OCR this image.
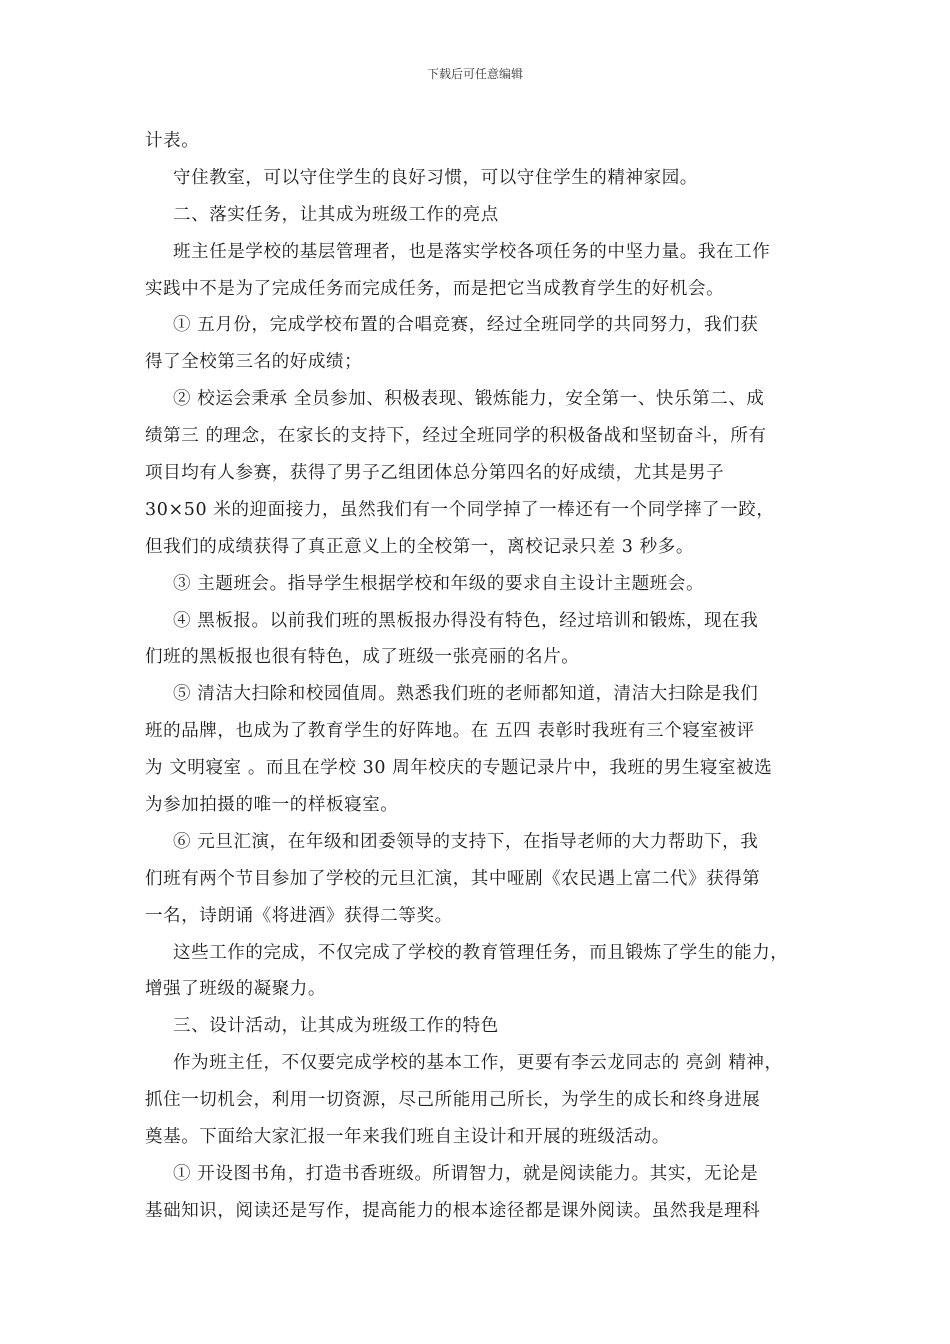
下载后可任意编辑
计表。
守住教室，可以守住学生的良好习惯，可以守住学生的精神家园。
二、落实任务，让其成为班级工作的亮点
班主任是学校的基层管理者，也是落实学校各项任务的中坚力量。我在工作
实践中不是为了完成任务而完成任务，而是把它当成教育学生的好机会。
① 五月份，完成学校布置的合唱竞赛，经过全班同学的共同努力，我们获
得了全校第三名的好成绩；
② 校运会秉承 全员参加、积极表现、锻炼能力，安全第一、快乐第二、成
绩第三 的理念，在家长的支持下，经过全班同学的积极备战和坚韧奋斗，所有
项目均有人参赛，获得了男子乙组团体总分第四名的好成绩，尤其是男子
30×50 米的迎面接力，虽然我们有一个同学掉了一棒还有一个同学摔了一跤，
但我们的成绩获得了真正意义上的全校第一，离校记录只差 3 秒多。
③ 主题班会。指导学生根据学校和年级的要求自主设计主题班会。
④ 黑板报。以前我们班的黑板报办得没有特色，经过培训和锻炼，现在我
们班的黑板报也很有特色，成了班级一张亮丽的名片。
⑤ 清洁大扫除和校园值周。熟悉我们班的老师都知道，清洁大扫除是我们
班的品牌，也成为了教育学生的好阵地。在 五四 表彰时我班有三个寝室被评
为 文明寝室 。而且在学校 30 周年校庆的专题记录片中，我班的男生寝室被选
为参加拍摄的唯一的样板寝室。
⑥ 元旦汇演，在年级和团委领导的支持下，在指导老师的大力帮助下，我
们班有两个节目参加了学校的元旦汇演，其中哑剧《农民遇上富二代》获得第
一名，诗朗诵《将进酒》获得二等奖。
这些工作的完成，不仅完成了学校的教育管理任务，而且锻炼了学生的能力，
增强了班级的凝聚力。
三、设计活动，让其成为班级工作的特色
作为班主任，不仅要完成学校的基本工作，更要有李云龙同志的 亮剑 精神，
抓住一切机会，利用一切资源，尽己所能用己所长，为学生的成长和终身进展
奠基。下面给大家汇报一年来我们班自主设计和开展的班级活动。
① 开设图书角，打造书香班级。所谓智力，就是阅读能力。其实，无论是
基础知识，阅读还是写作，提高能力的根本途径都是课外阅读。虽然我是理科
